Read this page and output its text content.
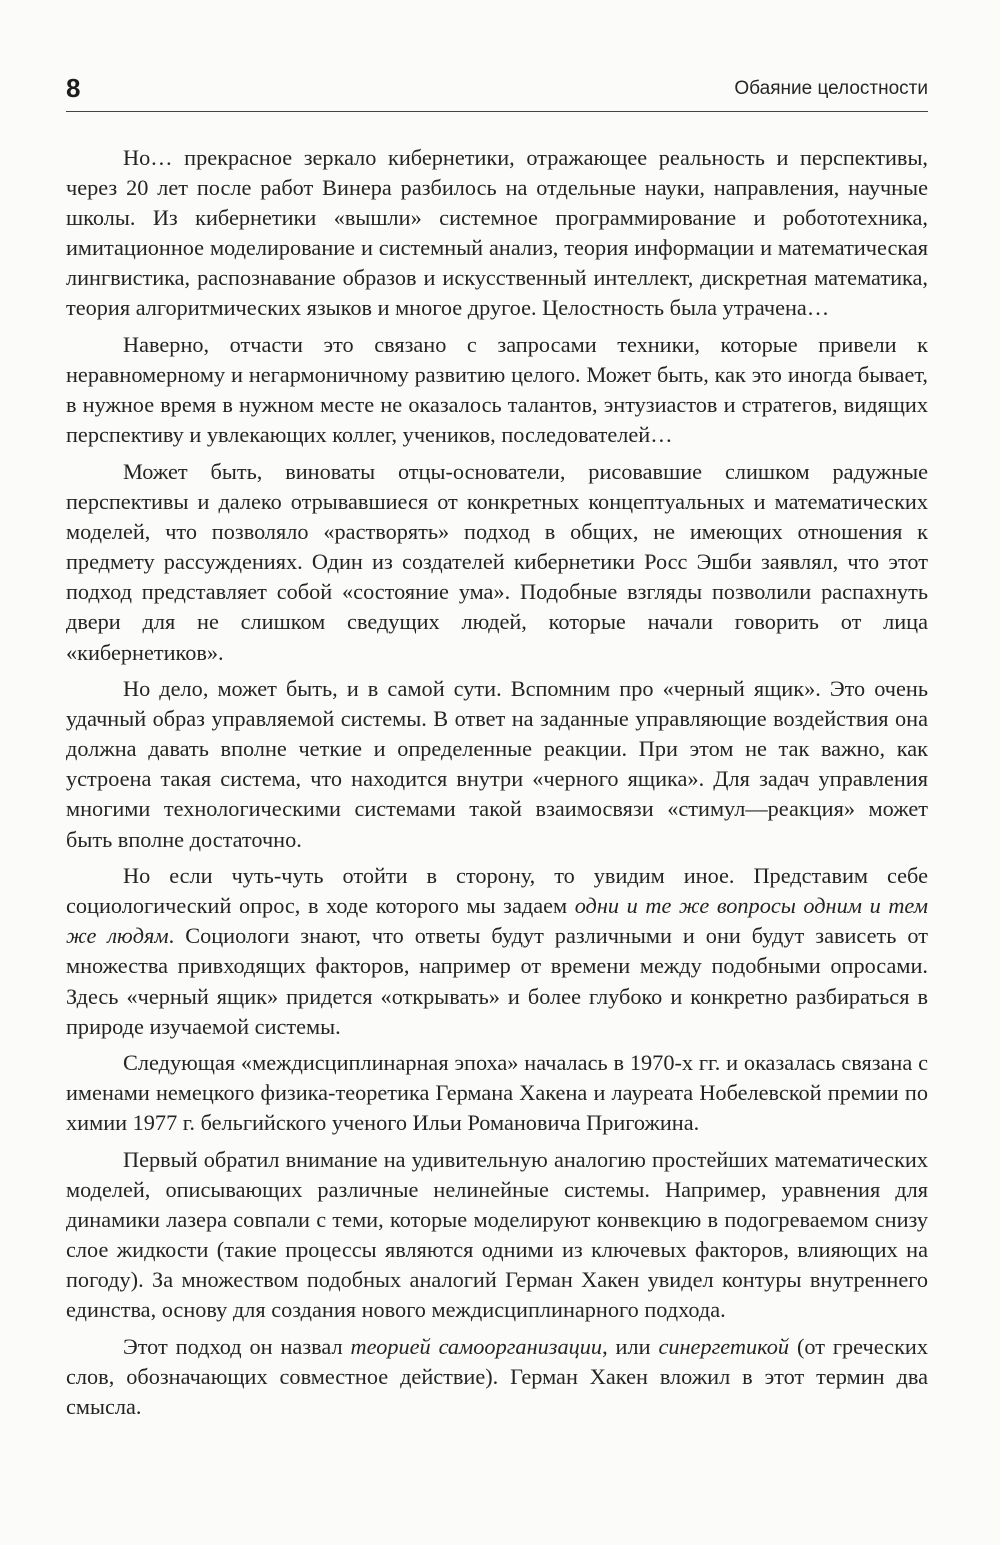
8	Обаяние целостности

Но… прекрасное зеркало кибернетики, отражающее реальность и перспективы, через 20 лет после работ Винера разбилось на отдельные науки, направления, научные школы. Из кибернетики «вышли» системное программирование и робототехника, имитационное моделирование и системный анализ, теория информации и математическая лингвистика, распознавание образов и искусственный интеллект, дискретная математика, теория алгоритмических языков и многое другое. Целостность была утрачена…

Наверно, отчасти это связано с запросами техники, которые привели к неравномерному и негармоничному развитию целого. Может быть, как это иногда бывает, в нужное время в нужном месте не оказалось талантов, энтузиастов и стратегов, видящих перспективу и увлекающих коллег, учеников, последователей…

Может быть, виноваты отцы-основатели, рисовавшие слишком радужные перспективы и далеко отрывавшиеся от конкретных концептуальных и математических моделей, что позволяло «растворять» подход в общих, не имеющих отношения к предмету рассуждениях. Один из создателей кибернетики Росс Эшби заявлял, что этот подход представляет собой «состояние ума». Подобные взгляды позволили распахнуть двери для не слишком сведущих людей, которые начали говорить от лица «кибернетиков».

Но дело, может быть, и в самой сути. Вспомним про «черный ящик». Это очень удачный образ управляемой системы. В ответ на заданные управляющие воздействия она должна давать вполне четкие и определенные реакции. При этом не так важно, как устроена такая система, что находится внутри «черного ящика». Для задач управления многими технологическими системами такой взаимосвязи «стимул—реакция» может быть вполне достаточно.

Но если чуть-чуть отойти в сторону, то увидим иное. Представим себе социологический опрос, в ходе которого мы задаем одни и те же вопросы одним и тем же людям. Социологи знают, что ответы будут различными и они будут зависеть от множества привходящих факторов, например от времени между подобными опросами. Здесь «черный ящик» придется «открывать» и более глубоко и конкретно разбираться в природе изучаемой системы.

Следующая «междисциплинарная эпоха» началась в 1970-х гг. и оказалась связана с именами немецкого физика-теоретика Германа Хакена и лауреата Нобелевской премии по химии 1977 г. бельгийского ученого Ильи Романовича Пригожина.

Первый обратил внимание на удивительную аналогию простейших математических моделей, описывающих различные нелинейные системы. Например, уравнения для динамики лазера совпали с теми, которые моделируют конвекцию в подогреваемом снизу слое жидкости (такие процессы являются одними из ключевых факторов, влияющих на погоду). За множеством подобных аналогий Герман Хакен увидел контуры внутреннего единства, основу для создания нового междисциплинарного подхода.

Этот подход он назвал теорией самоорганизации, или синергетикой (от греческих слов, обозначающих совместное действие). Герман Хакен вложил в этот термин два смысла.
